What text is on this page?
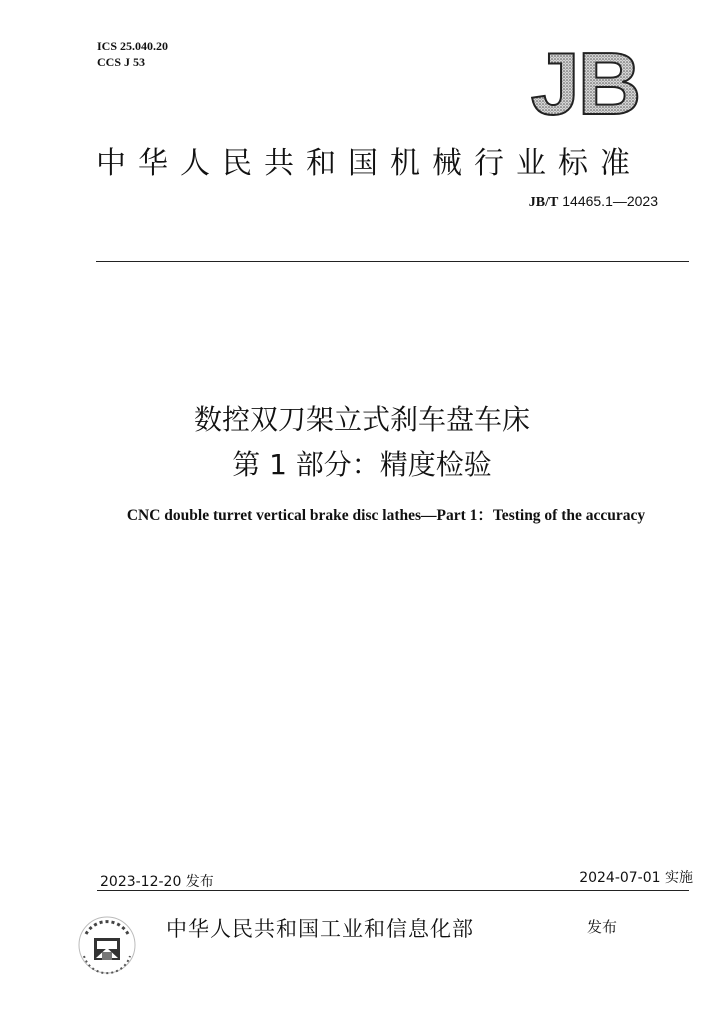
ICS 25.040.20
CCS J 53	JB
中华人民共和国机械行业标准
JB/T 14465.1—2023
数控双刀架立式刹车盘车床
第 1 部分：精度检验
CNC double turret vertical brake disc lathes—Part 1：Testing of the accuracy
2023-12-20 发布	2024-07-01 实施
中华人民共和国工业和信息化部	发布
